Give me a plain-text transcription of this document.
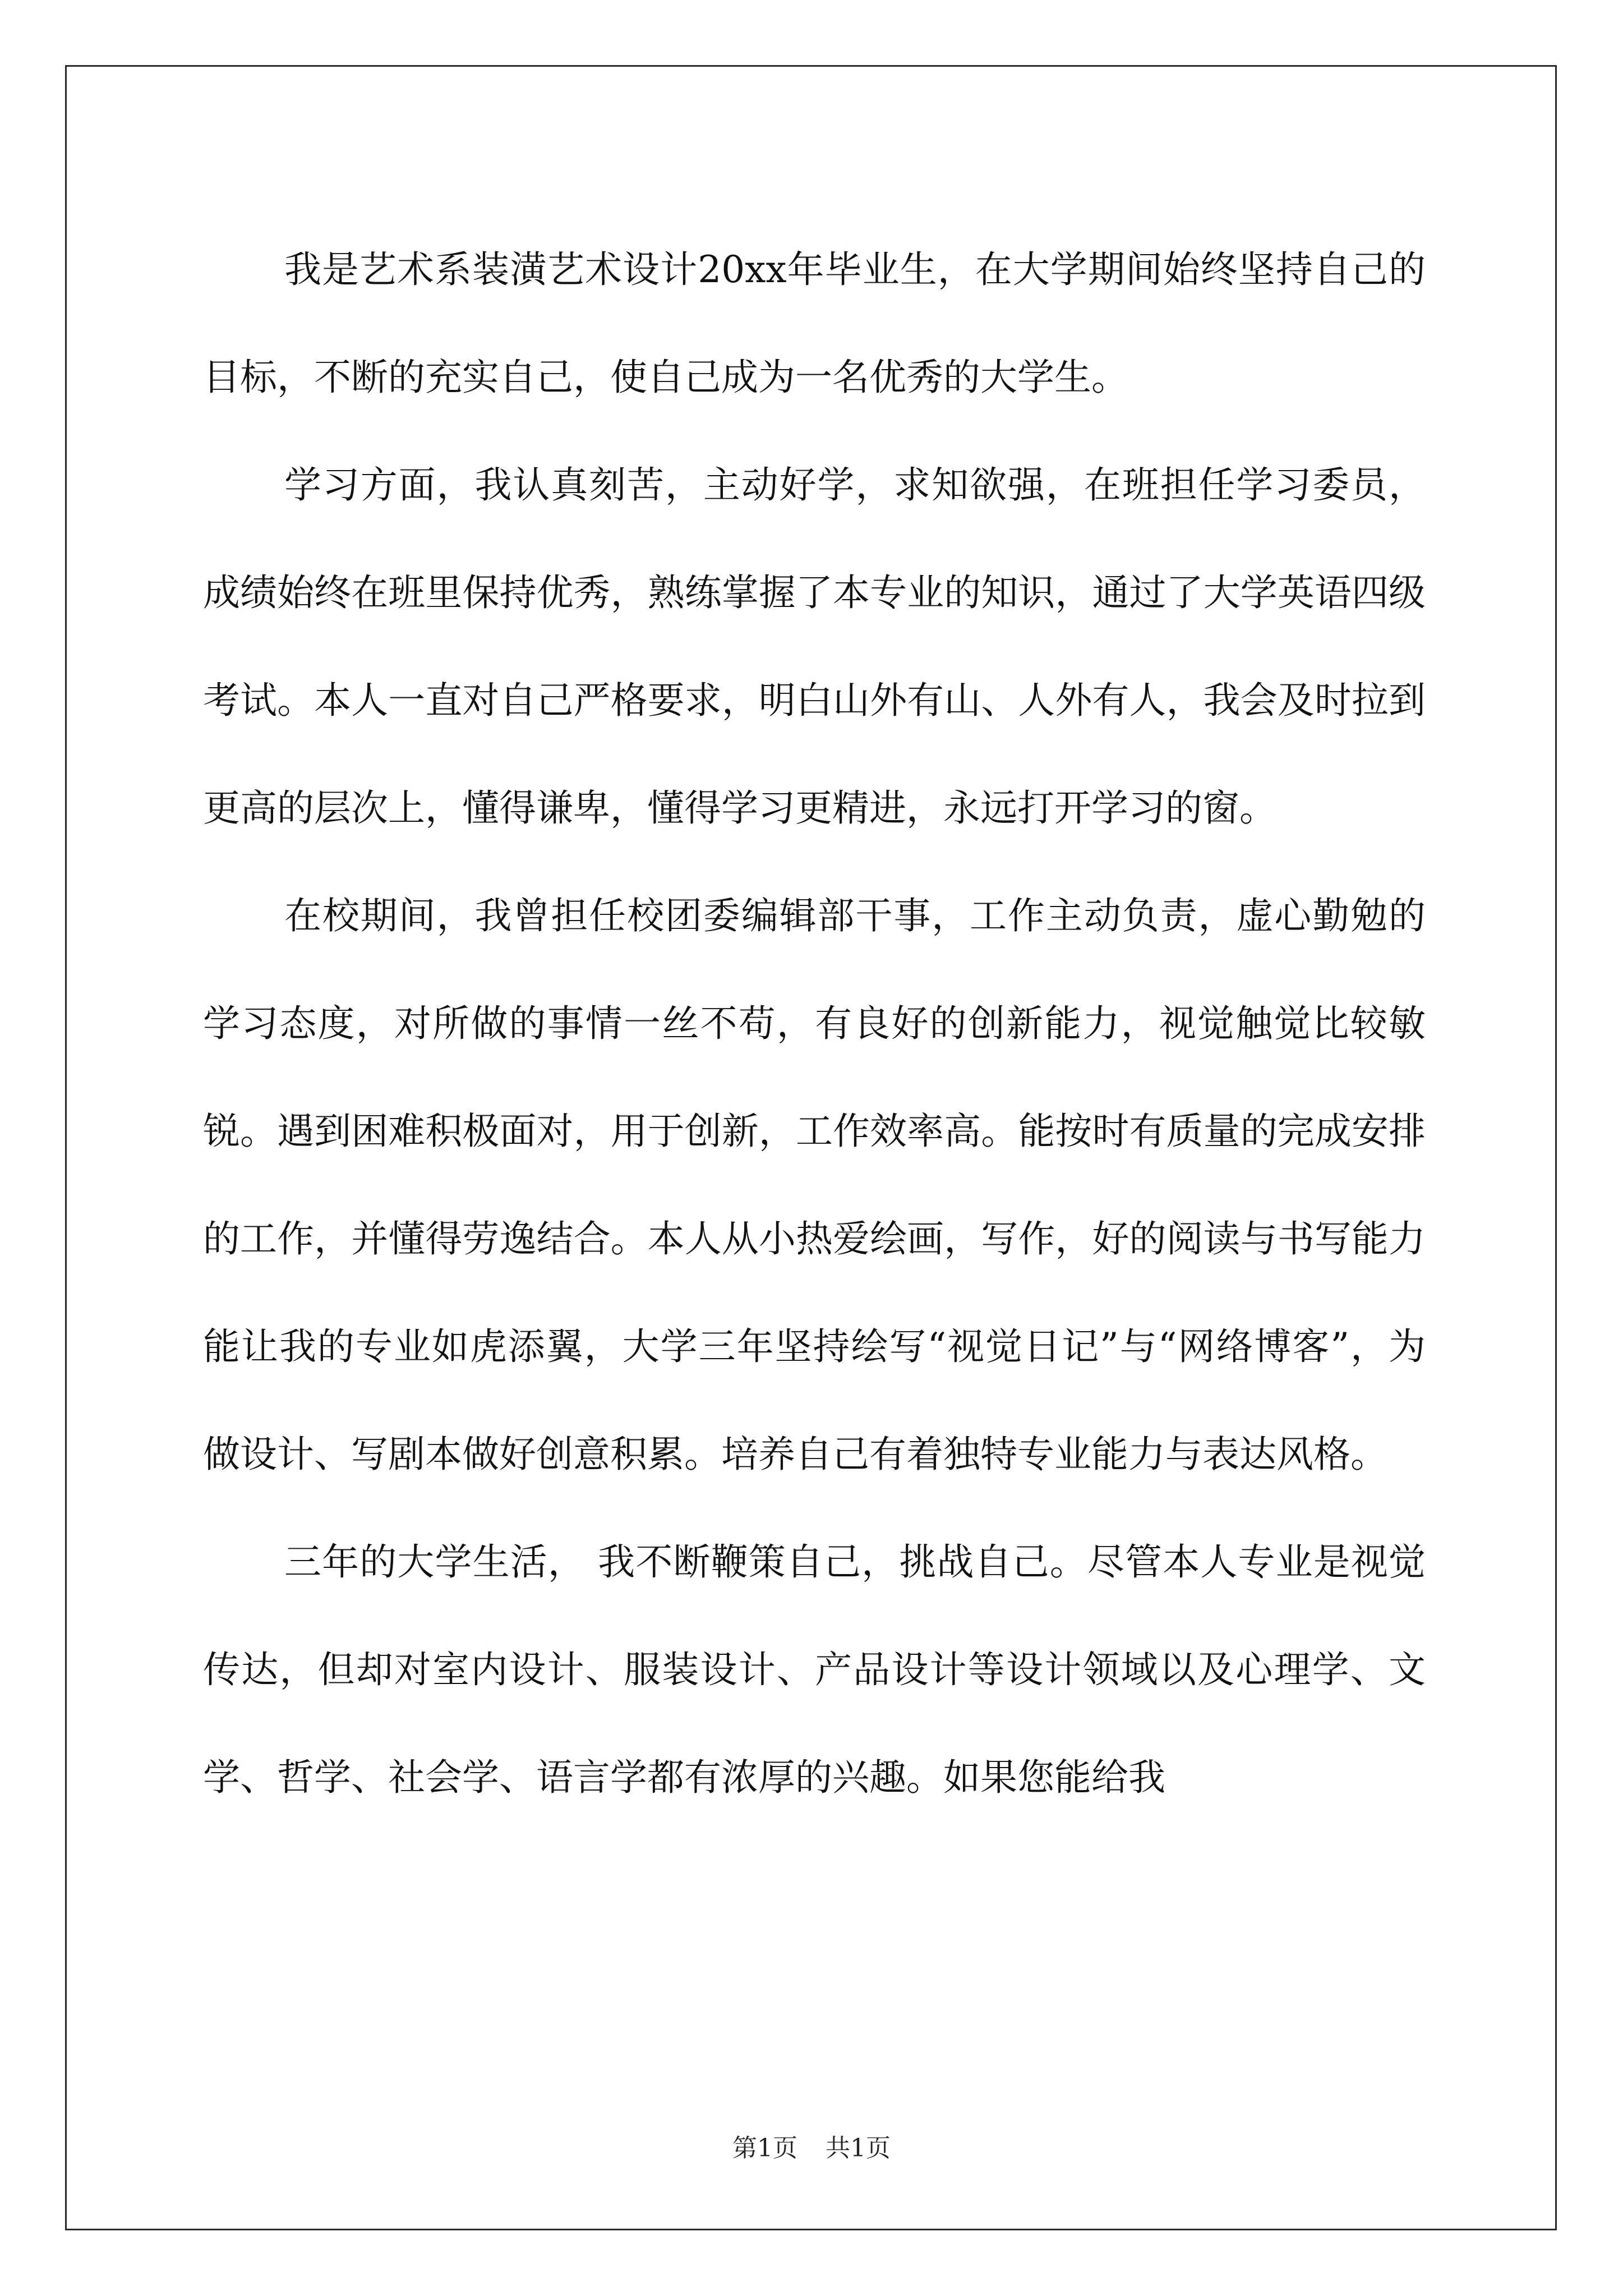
我是艺术系装潢艺术设计20xx年毕业生，在大学期间始终坚持自己的目标，不断的充实自己，使自己成为一名优秀的大学生。

学习方面，我认真刻苦，主动好学，求知欲强，在班担任学习委员，成绩始终在班里保持优秀，熟练掌握了本专业的知识，通过了大学英语四级考试。本人一直对自己严格要求，明白山外有山、人外有人，我会及时拉到更高的层次上，懂得谦卑，懂得学习更精进，永远打开学习的窗。

在校期间，我曾担任校团委编辑部干事，工作主动负责，虚心勤勉的学习态度，对所做的事情一丝不苟，有良好的创新能力，视觉触觉比较敏锐。遇到困难积极面对，用于创新，工作效率高。能按时有质量的完成安排的工作，并懂得劳逸结合。本人从小热爱绘画，写作，好的阅读与书写能力能让我的专业如虎添翼，大学三年坚持绘写“视觉日记”与“网络博客”，为做设计、写剧本做好创意积累。培养自己有着独特专业能力与表达风格。

三年的大学生活， 我不断鞭策自己，挑战自己。尽管本人专业是视觉传达，但却对室内设计、服装设计、产品设计等设计领域以及心理学、文学、哲学、社会学、语言学都有浓厚的兴趣。如果您能给我

第1页 共1页
